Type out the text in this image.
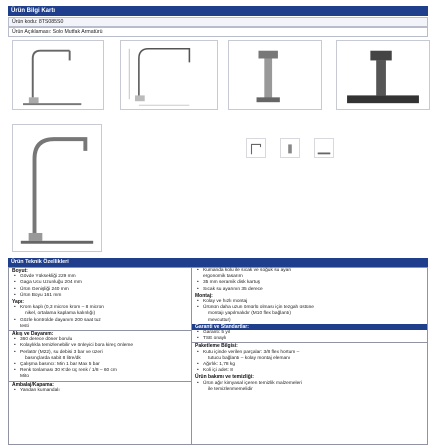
Ürün Bilgi Kartı
Ürün kodu: 8TS085S0
Ürün Açıklaması: Solo Mutfak Armatürü
Ürün Teknik Özellikleri
Boyut:
• Gövde Yüksekliği 229 mm
• Gaga Ucu Uzunluğu 204 mm
• Ürün Genişliği 240 mm
• Ürün Boyu 161 mm
Yapı:
• Krom kaplı (0,3 micron krom – 8 micron
nikel, ortalama kaplama kalınlığı)
• Gözle kontrolde dayanım 200 saat tuz
testi
Akış ve Dayanım:
• 360 derece döner borulu
• Kolaylıkla temizlenebilir ve önleyici bora kireç önleme
• Perlatör (M22), su debisi 3 bar ve üzeri
basınçlarda sabit 8 litre/dk
• Çalışma basıncı: Min 1 bar Max 5 bar
• Renk tonlaması 30 K'de üç renk / 1/8 – 60 cm
Mito
Ambalaj/Kapama:
• Yandan kumandalı
• Kumanda kolu ile sıcak ve soğuk su ayarı
ergonomik tasarım
• 35 mm seramik disk kartuş
• Sıcak su ayarının 35 derece
Montaj:
• Kolay ve hızlı montaj
• Ürünün daha uzun ömürlü olması için tezgah üstüne
montajı yapılmalıdır (M10 flex bağlantı)
mevcuttur)
Garanti ve Standartlar:
• Garanti: 5 yıl
• TSE onaylı
Paketleme Bilgisi:
• Kutu içinde verilen parçalar: 3/8 flex hortum –
tutucu bağlantı – kolay montaj elemanı
• Ağırlık: 1,78 kg
• Koli içi adet: 8
Ürün bakımı ve temizliği:
• Ürün ağır kimyasal içeren temizlik malzemeleri
ile temizlenmemelidir
